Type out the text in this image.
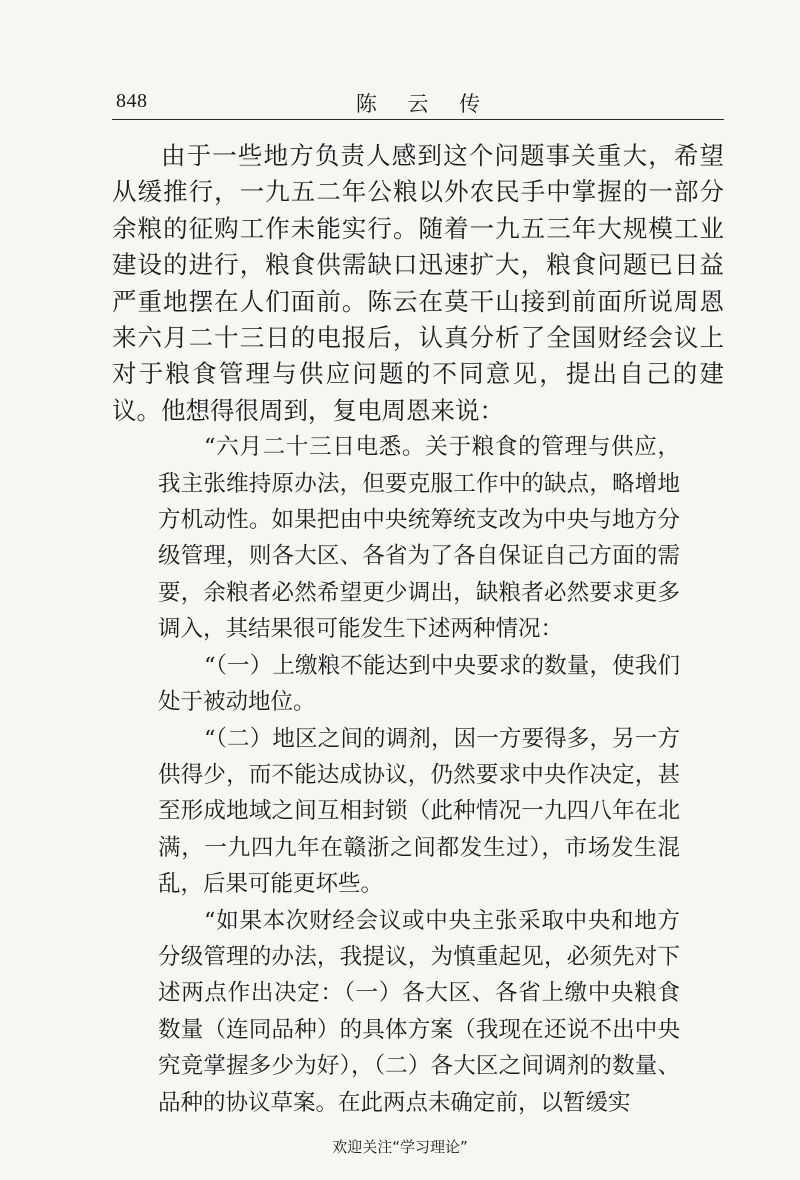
848	陈 云 传

由于一些地方负责人感到这个问题事关重大，希望从缓推行，一九五二年公粮以外农民手中掌握的一部分余粮的征购工作未能实行。随着一九五三年大规模工业建设的进行，粮食供需缺口迅速扩大，粮食问题已日益严重地摆在人们面前。陈云在莫干山接到前面所说周恩来六月二十三日的电报后，认真分析了全国财经会议上对于粮食管理与供应问题的不同意见，提出自己的建议。他想得很周到，复电周恩来说：

“六月二十三日电悉。关于粮食的管理与供应，我主张维持原办法，但要克服工作中的缺点，略增地方机动性。如果把由中央统筹统支改为中央与地方分级管理，则各大区、各省为了各自保证自己方面的需要，余粮者必然希望更少调出，缺粮者必然要求更多调入，其结果很可能发生下述两种情况：

“（一）上缴粮不能达到中央要求的数量，使我们处于被动地位。

“（二）地区之间的调剂，因一方要得多，另一方供得少，而不能达成协议，仍然要求中央作决定，甚至形成地域之间互相封锁（此种情况一九四八年在北满，一九四九年在赣浙之间都发生过），市场发生混乱，后果可能更坏些。

“如果本次财经会议或中央主张采取中央和地方分级管理的办法，我提议，为慎重起见，必须先对下述两点作出决定：（一）各大区、各省上缴中央粮食数量（连同品种）的具体方案（我现在还说不出中央究竟掌握多少为好），（二）各大区之间调剂的数量、品种的协议草案。在此两点未确定前，以暂缓实

欢迎关注“学习理论”
